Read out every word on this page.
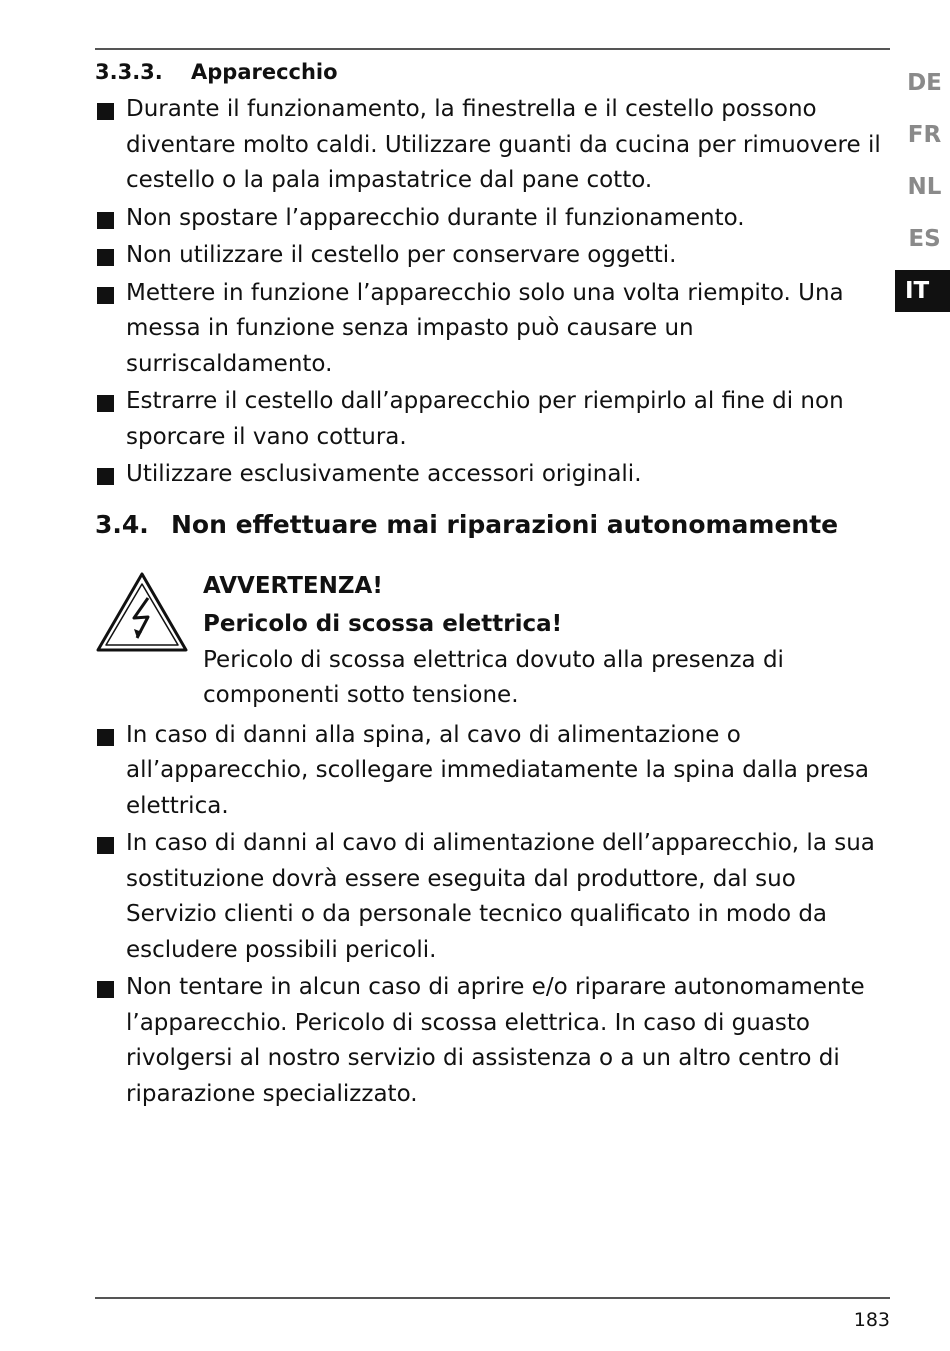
3.3.3.	Apparecchio
Durante il funzionamento, la finestrella e il cestello possono diventare molto caldi. Utilizzare guanti da cucina per rimuovere il cestello o la pala impastatrice dal pane cotto.
Non spostare l’apparecchio durante il funzionamento.
Non utilizzare il cestello per conservare oggetti.
Mettere in funzione l’apparecchio solo una volta riempito. Una messa in funzione senza impasto può causare un surriscaldamento.
Estrarre il cestello dall’apparecchio per riempirlo al fine di non sporcare il vano cottura.
Utilizzare esclusivamente accessori originali.
3.4. Non effettuare mai riparazioni autonomamente
AVVERTENZA!
Pericolo di scossa elettrica!
Pericolo di scossa elettrica dovuto alla presenza di componenti sotto tensione.
In caso di danni alla spina, al cavo di alimentazione o all’apparecchio, scollegare immediatamente la spina dalla presa elettrica.
In caso di danni al cavo di alimentazione dell’apparecchio, la sua sostituzione dovrà essere eseguita dal produttore, dal suo Servizio clienti o da personale tecnico qualificato in modo da escludere possibili pericoli.
Non tentare in alcun caso di aprire e/o riparare autonomamente l’apparecchio. Pericolo di scossa elettrica. In caso di guasto rivolgersi al nostro servizio di assistenza o a un altro centro di riparazione specializzato.
DE
FR
NL
ES
IT
183
